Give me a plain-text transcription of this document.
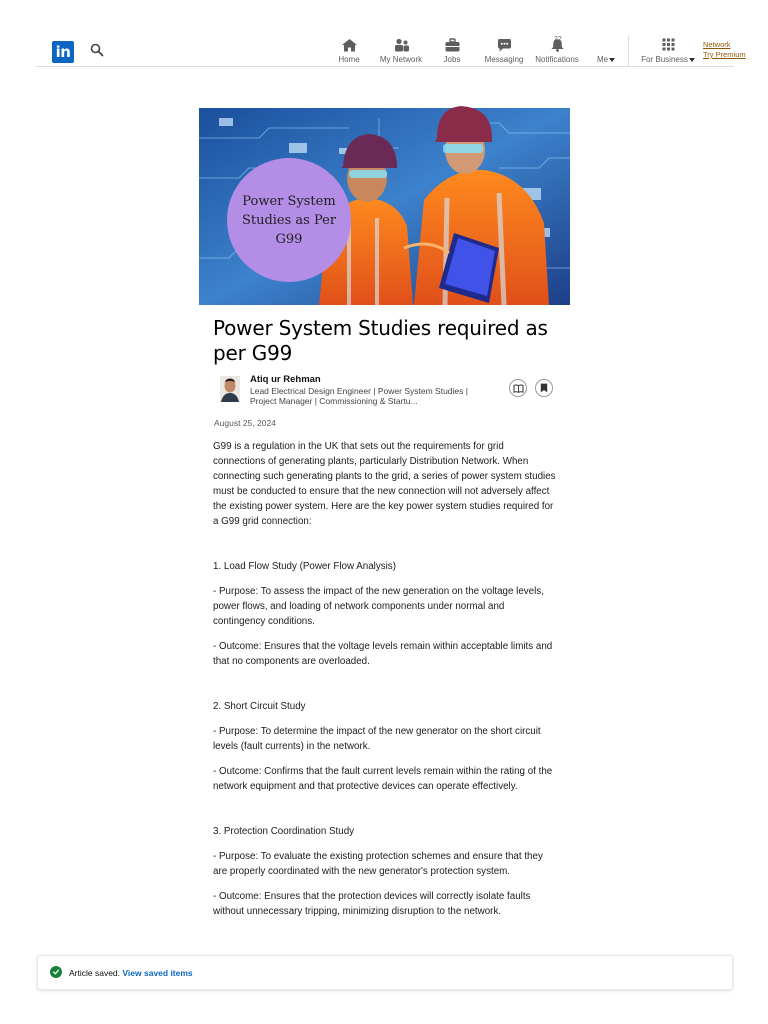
in	Home	My Network	Jobs	Messaging
22
Notifications Me	For Business
Network
Try Premium
Power System Studies as Per G99
Power System Studies required as per G99
Atiq ur Rehman
Lead Electrical Design Engineer | Power System Studies | Project Manager | Commissioning & Startu...
August 25, 2024

G99 is a regulation in the UK that sets out the requirements for grid connections of generating plants, particularly Distribution Network. When connecting such generating plants to the grid, a series of power system studies must be conducted to ensure that the new connection will not adversely affect the existing power system. Here are the key power system studies required for a G99 grid connection:

1. Load Flow Study (Power Flow Analysis)

- Purpose: To assess the impact of the new generation on the voltage levels, power flows, and loading of network components under normal and contingency conditions.

- Outcome: Ensures that the voltage levels remain within acceptable limits and that no components are overloaded.

2. Short Circuit Study

- Purpose: To determine the impact of the new generator on the short circuit levels (fault currents) in the network.

- Outcome: Confirms that the fault current levels remain within the rating of the network equipment and that protective devices can operate effectively.

3. Protection Coordination Study

- Purpose: To evaluate the existing protection schemes and ensure that they are properly coordinated with the new generator's protection system.

- Outcome: Ensures that the protection devices will correctly isolate faults without unnecessary tripping, minimizing disruption to the network.

Article saved. View saved items
